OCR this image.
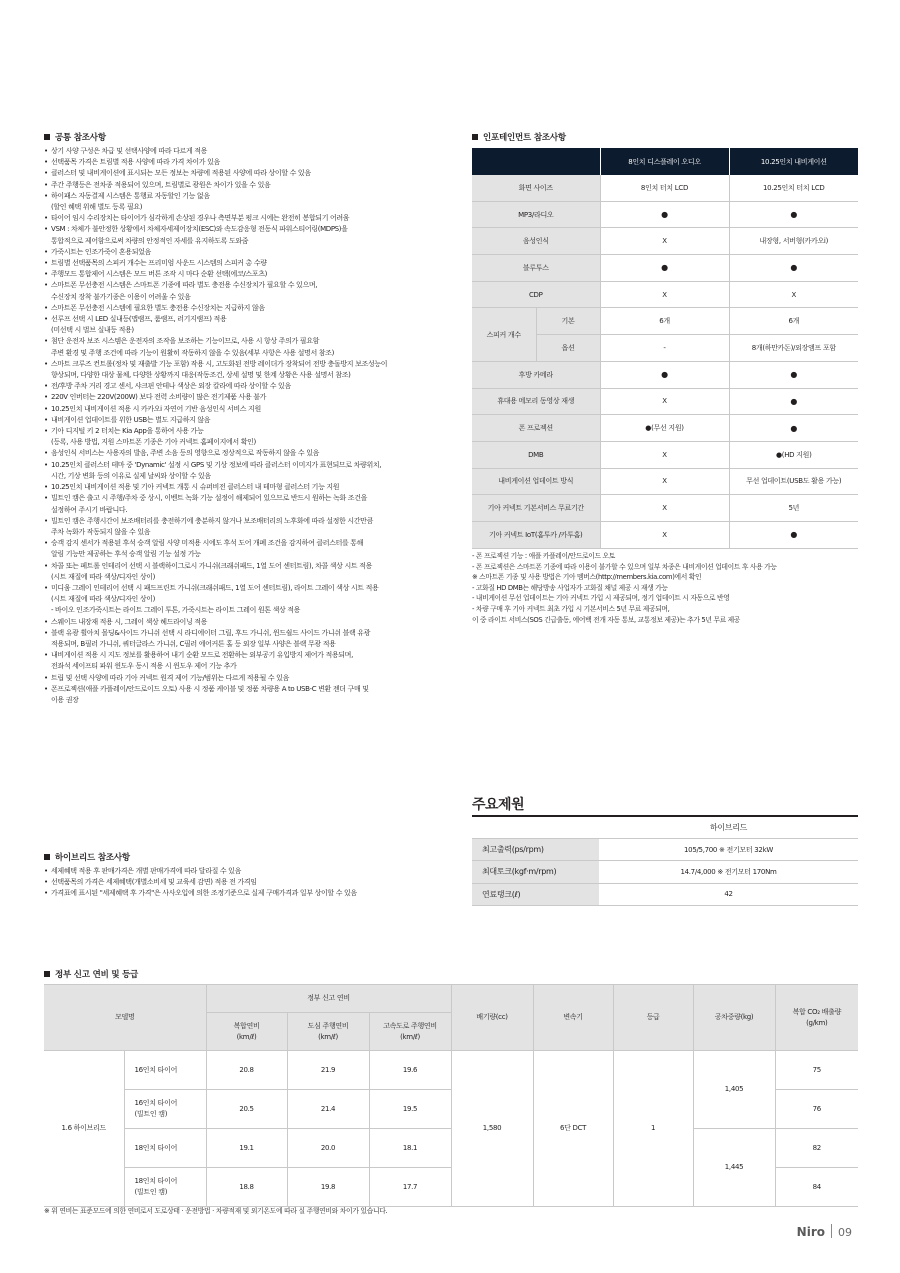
공통 참조사항
• 상기 사양 구성은 차급 및 선택사양에 따라 다르게 적용
• 선택품목 가격은 트림별 적용 사양에 따라 가격 차이가 있음
• 클러스터 및 내비게이션에 표시되는 모든 정보는 차량에 적용된 사양에 따라 상이할 수 있음
• 주간 주행등은 전차종 적용되어 있으며, 트림별로 광원은 차이가 있을 수 있음
• 하이패스 자동결제 시스템은 통행료 자동할인 기능 없음
(할인 혜택 위해 별도 등록 필요)
• 타이어 임시 수리장치는 타이어가 심각하게 손상된 경우나 측면부분 펑크 시에는 완전히 봉합되기 어려움
• VSM : 차체가 불안정한 상황에서 차체자세제어장치(ESC)와 속도감응형 전동식 파워스티어링(MDPS)을
통합적으로 제어함으로써 차량의 안정적인 자세를 유지하도록 도와줌
• 가죽시트는 인조가죽이 혼용되었음
• 트림별 선택품목의 스피커 개수는 프리미엄 사운드 시스템의 스피커 총 수량
• 주행모드 통합제어 시스템은 모드 버튼 조작 시 마다 순환 선택(에코/스포츠)
• 스마트폰 무선충전 시스템은 스마트폰 기종에 따라 별도 충전용 수신장치가 필요할 수 있으며,
수신장치 장착 불가기종은 이용이 어려울 수 있음
• 스마트폰 무선충전 시스템에 필요한 별도 충전용 수신장치는 지급하지 않음
• 선루프 선택 시 LED 실내등(맵램프, 룸램프, 러기지램프) 적용
(미선택 시 벌브 실내등 적용)
• 첨단 운전자 보조 시스템은 운전자의 조작을 보조하는 기능이므로, 사용 시 항상 주의가 필요함
주변 환경 및 주행 조건에 따라 기능이 원활히 작동하지 않을 수 있음(세부 사항은 사용 설명서 참조)
• 스마트 크루즈 컨트롤(정차 및 재출발 기능 포함) 작용 시, 고도화된 전방 레이더가 장착되어 전방 충돌방지 보조성능이
향상되며, 다양한 대상 물체, 다양한 상황까지 대응(작동조건, 상세 설명 및 한계 상황은 사용 설명서 참조)
• 전/후방 주차 거리 경고 센서, 샤크핀 안테나 색상은 외장 칼라에 따라 상이할 수 있음
• 220V 인버터는 220V(200W) 보다 전력 소비량이 많은 전기제품 사용 불가
• 10.25인치 내비게이션 적용 시 카카오i 자연어 기반 음성인식 서비스 지원
• 내비게이션 업데이트를 위한 USB는 별도 지급하지 않음
• 기아 디지털 키 2 터치는 Kia App을 통하여 사용 가능
(등록, 사용 방법, 지원 스마트폰 기종은 기아 커넥트 홈페이지에서 확인)
• 음성인식 서비스는 사용자의 발음, 주변 소음 등의 영향으로 정상적으로 작동하지 않을 수 있음
• 10.25인치 클러스터 테마 중 'Dynamic' 설정 시 GPS 및 기상 정보에 따라 클러스터 이미지가 표현되므로 차량위치,
시간, 기상 변화 등의 이유로 실제 날씨와 상이할 수 있음
• 10.25인치 내비게이션 적용 및 기아 커넥트 개통 시 슈퍼비전 클러스터 내 테마형 클러스터 기능 지원
• 빌트인 캠은 출고 시 주행/주차 중 상시, 이벤트 녹화 기능 설정이 해제되어 있으므로 반드시 원하는 녹화 조건을
설정하여 주시기 바랍니다.
• 빌트인 캠은 주행시간이 보조배터리를 충전하기에 충분하지 않거나 보조배터리의 노후화에 따라 설정한 시간만큼
주차 녹화가 작동되지 않을 수 있음
• 승객 감지 센서가 적용된 후석 승객 알림 사양 미적용 시에도 후석 도어 개폐 조건을 감지하여 클러스터를 통해
알림 기능만 제공하는 후석 승객 알림 기능 설정 가능
• 차콜 또는 페트롤 인테리어 선택 시 블랙하이그로시 가니쉬(크래쉬패드, 1열 도어 센터트림), 차콜 색상 시트 적용
(시트 재질에 따라 색상/디자인 상이)
• 미디움 그레이 인테리어 선택 시 패드프린트 가니쉬(크래쉬패드, 1열 도어 센터트림), 라이트 그레이 색상 시트 적용
(시트 재질에 따라 색상/디자인 상이)
- 바이오 인조가죽시트는 라이트 그레이 투톤, 가죽시트는 라이트 그레이 원톤 색상 적용
• 스웨이드 내장재 적용 시, 그레이 색상 헤드라이닝 적용
• 블랙 유광 휠아치 몰딩&사이드 가니쉬 선택 시 라디에이터 그릴, 후드 가니쉬, 윈드쉴드 사이드 가니쉬 블랙 유광
적용되며, B필러 가니쉬, 쿼터글라스 가니쉬, C필러 에어커튼 홀 등 외장 일부 사양은 블랙 무광 적용
• 내비게이션 적용 시 지도 정보를 활용하여 내기 순환 모드로 전환하는 외부공기 유입방지 제어가 적용되며,
전좌석 세이프티 파워 윈도우 동시 적용 시 윈도우 제어 기능 추가
• 트립 및 선택 사양에 따라 기아 커넥트 원격 제어 기능/범위는 다르게 적용될 수 있음
• 폰프로젝션(애플 카플레이/안드로이드 오토) 사용 시 정품 케이블 및 정품 차량용 A to USB-C 변환 젠더 구매 및
이용 권장
하이브리드 참조사항
• 세제혜택 적용 후 판매가격은 개별 판매가격에 따라 달라질 수 있음
• 선택품목의 가격은 세제혜택(개별소비세 및 교육세 감면) 적용 전 가격임
• 가격표에 표시된 "세제혜택 후 가격"은 사사오입에 의한 조정기준으로 실제 구매가격과 일부 상이할 수 있음
인포테인먼트 참조사항
		8인치 디스플레이 오디오	10.25인치 내비게이션
화면 사이즈		8인치 터치 LCD	10.25인치 터치 LCD
MP3/라디오		●	●
음성인식		X	내장형, 서버형(카카오i)
블루투스		●	●
CDP		X	X
스피커 개수	기본	6개	6개
	옵션	-	8개(하만카돈)/외장앰프 포함
후방 카메라		●	●
휴대용 메모리 동영상 재생		X	●
폰 프로젝션		●(무선 지원)	●
DMB		X	●(HD 지원)
내비게이션 업데이트 방식		X	무선 업데이트(USB도 활용 가능)
기아 커넥트 기본서비스 무료기간		X	5년
기아 커넥트 IoT(홈투카 /카투홈)		X	●
- 폰 프로젝션 기능 : 애플 카플레이/안드로이드 오토
- 폰 프로젝션은 스마트폰 기종에 따라 이용이 불가할 수 있으며 일부 차종은 내비게이션 업데이트 후 사용 가능
※ 스마트폰 기종 및 사용 방법은 기아 멤버스(http://members.kia.com)에서 확인
- 고화질 HD DMB는 해당방송 사업자가 고화질 채널 제공 시 재생 가능
- 내비게이션 무선 업데이트는 기아 커넥트 가입 시 제공되며, 정기 업데이트 시 자동으로 반영
- 차량 구매 후 기아 커넥트 최초 가입 시 기본서비스 5년 무료 제공되며,
이 중 라이트 서비스(SOS 긴급출동, 에어백 전개 자동 통보, 교통정보 제공)는 추가 5년 무료 제공
주요제원
	하이브리드
최고출력(ps/rpm)	105/5,700 ※ 전기모터 32kW
최대토크(kgf·m/rpm)	14.7/4,000 ※ 전기모터 170Nm
연료탱크(ℓ)	42
정부 신고 연비 및 등급
모델명		정부 신고 연비			배기량(cc)	변속기	등급	공차중량(kg)	복합 CO₂ 배출량
(g/km)
		복합연비
(km/ℓ)	도심 주행연비
(km/ℓ)	고속도로 주행연비
(km/ℓ)					
1.6 하이브리드	16인치 타이어	20.8	21.9	19.6	1,580	6단 DCT	1	1,405	75
	16인치 타이어
(빌트인 캠)	20.5	21.4	19.5					76
	18인치 타이어	19.1	20.0	18.1				1,445	82
	18인치 타이어
(빌트인 캠)	18.8	19.8	17.7					84
※ 위 연비는 표준모드에 의한 연비로서 도로상태 · 운전방법 · 차량적재 및 외기온도에 따라 실 주행연비와 차이가 있습니다.
Niro 09
